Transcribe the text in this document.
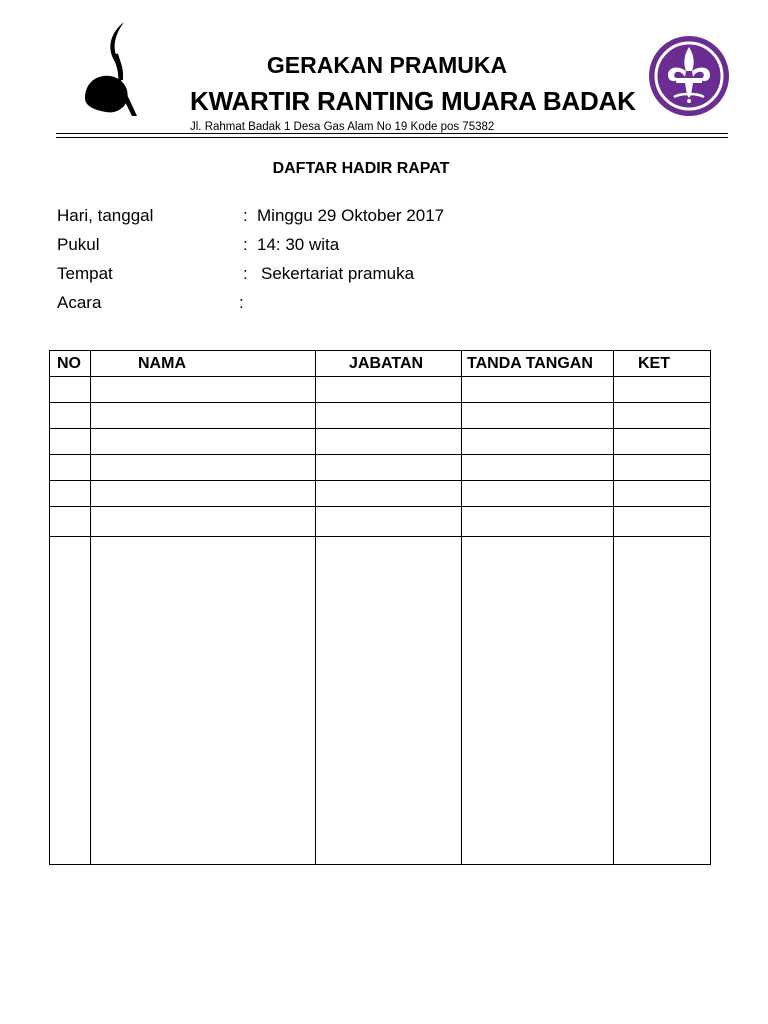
GERAKAN PRAMUKA
KWARTIR RANTING MUARA BADAK
Jl. Rahmat Badak 1 Desa Gas Alam No 19 Kode pos 75382
DAFTAR HADIR RAPAT
Hari, tanggal	: Minggu 29 Oktober 2017
Pukul	: 14: 30 wita
Tempat	: Sekertariat pramuka
Acara	:
NO	NAMA	JABATAN	TANDA TANGAN	KET
